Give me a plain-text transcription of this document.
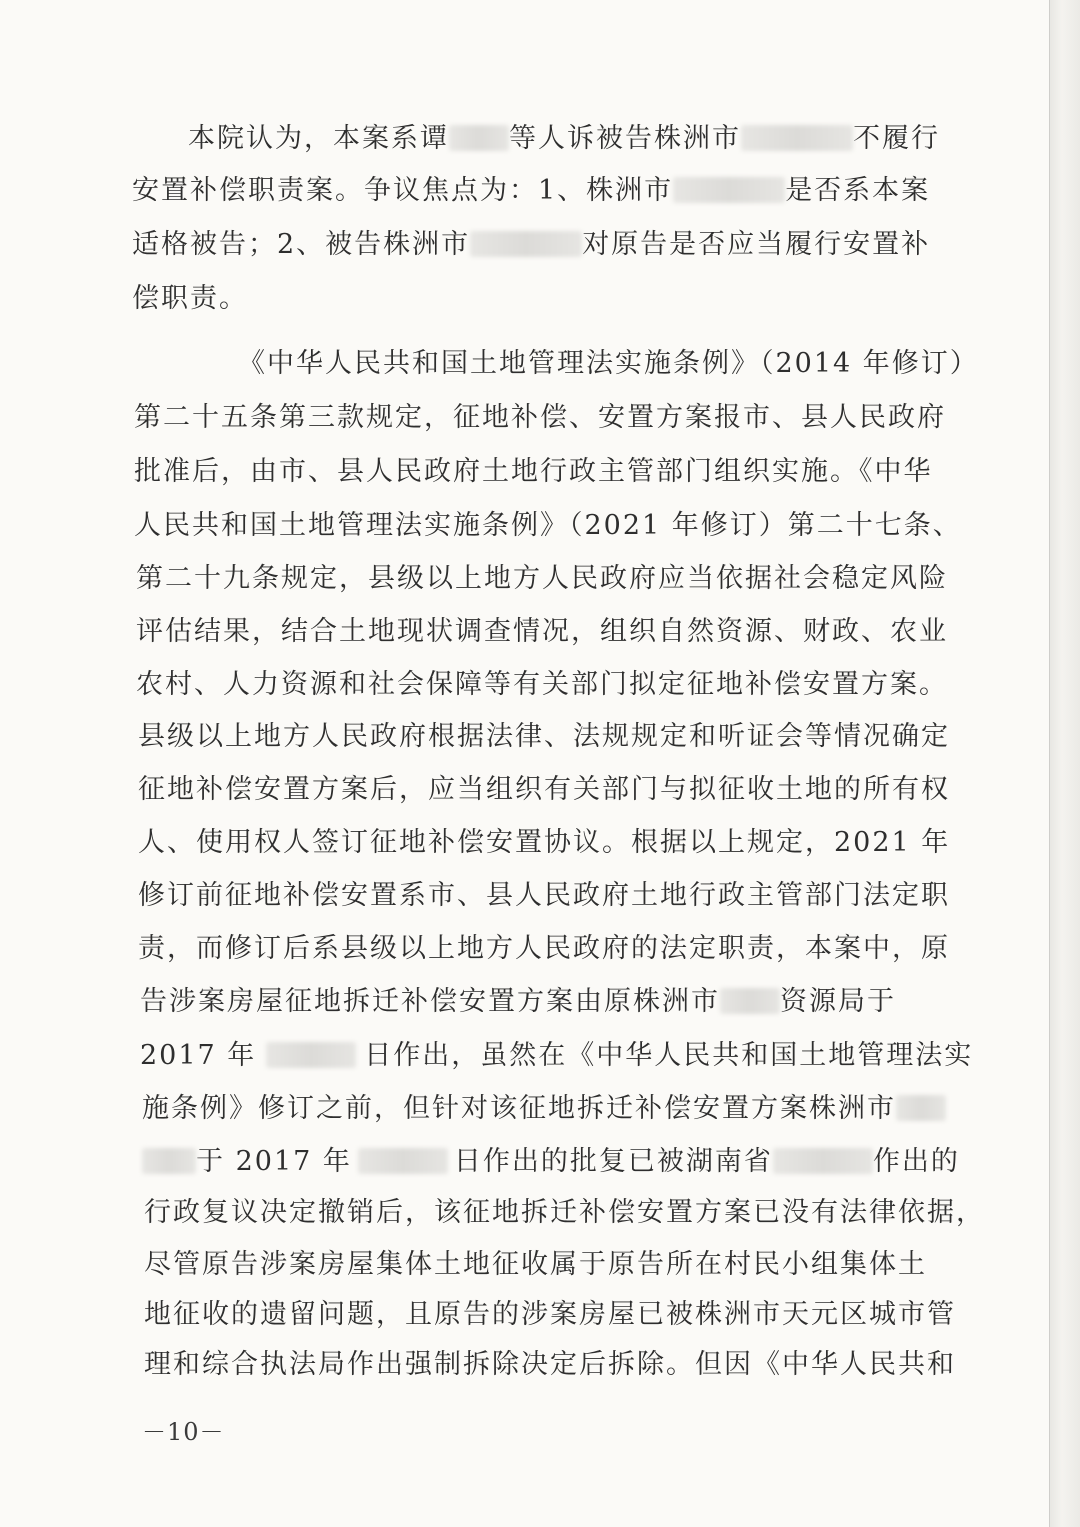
本院认为，本案系谭 等人诉被告株洲市	不履行
安置补偿职责案。争议焦点为：1、株洲市	是否系本案
适格被告；2、被告株洲市	对原告是否应当履行安置补
偿职责。
《中华人民共和国土地管理法实施条例》（2014 年修订）
第二十五条第三款规定，征地补偿、安置方案报市、县人民政府
批准后，由市、县人民政府土地行政主管部门组织实施。《中华
人民共和国土地管理法实施条例》（2021 年修订）第二十七条、
第二十九条规定，县级以上地方人民政府应当依据社会稳定风险
评估结果，结合土地现状调查情况，组织自然资源、财政、农业
农村、人力资源和社会保障等有关部门拟定征地补偿安置方案。
县级以上地方人民政府根据法律、法规规定和听证会等情况确定
征地补偿安置方案后，应当组织有关部门与拟征收土地的所有权
人、使用权人签订征地补偿安置协议。根据以上规定，2021 年
修订前征地补偿安置系市、县人民政府土地行政主管部门法定职
责，而修订后系县级以上地方人民政府的法定职责，本案中，原
告涉案房屋征地拆迁补偿安置方案由原株洲市 资源局于
2017 年	日作出，虽然在《中华人民共和国土地管理法实
施条例》修订之前，但针对该征地拆迁补偿安置方案株洲市
于 2017 年	日作出的批复已被湖南省	作出的
行政复议决定撤销后，该征地拆迁补偿安置方案已没有法律依据，
尽管原告涉案房屋集体土地征收属于原告所在村民小组集体土
地征收的遗留问题，且原告的涉案房屋已被株洲市天元区城市管
理和综合执法局作出强制拆除决定后拆除。但因《中华人民共和
－10－
